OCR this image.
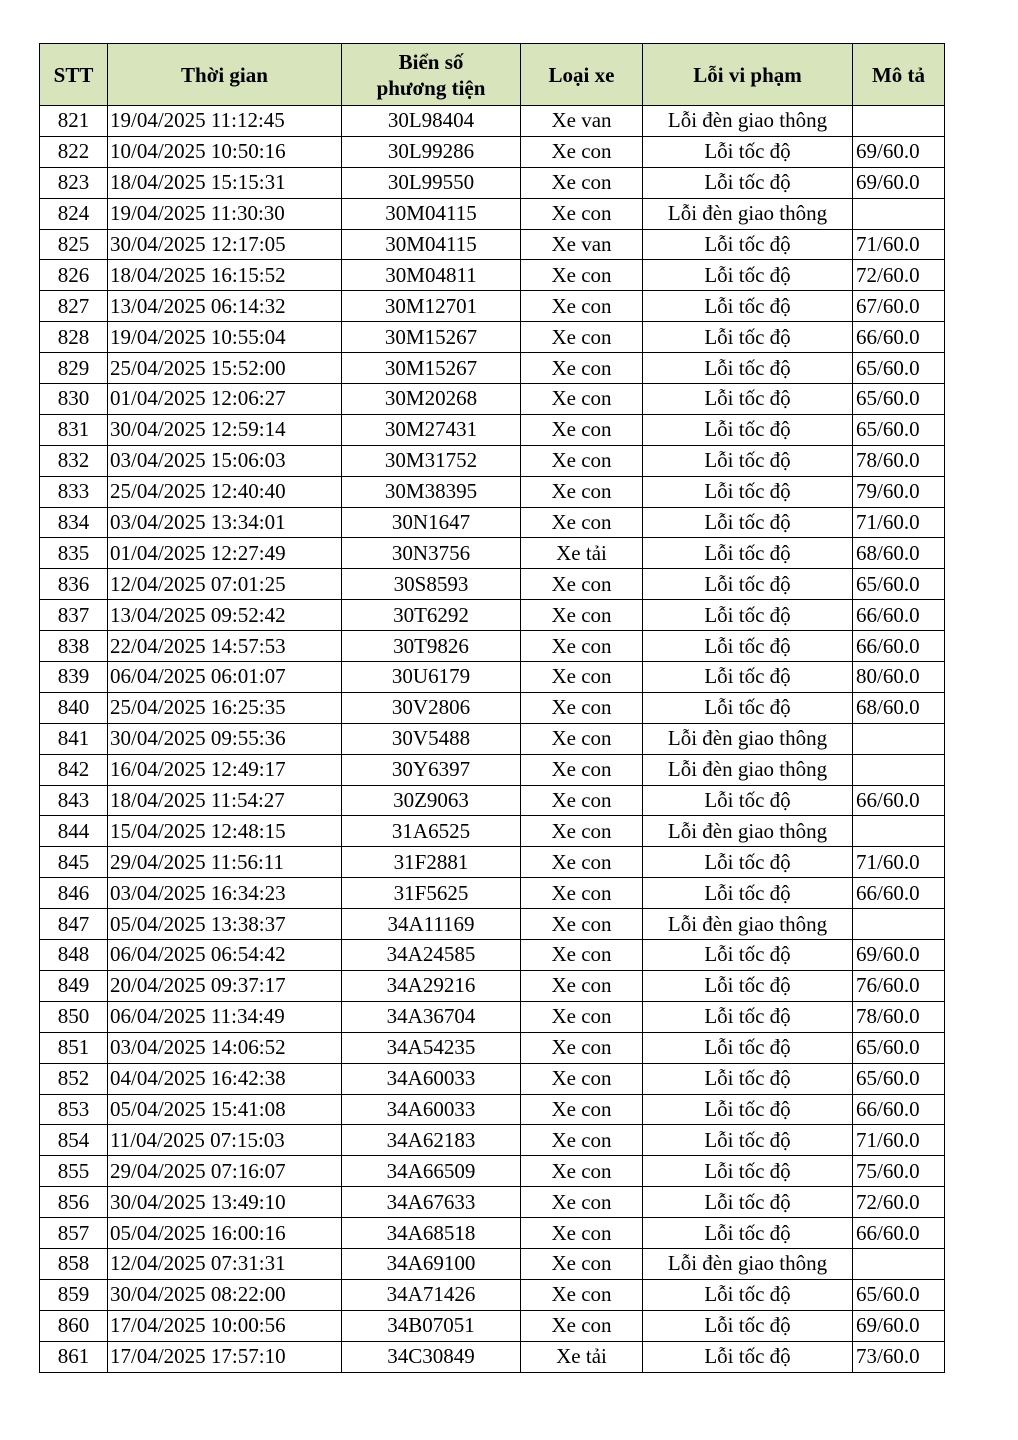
STT	Thời gian	Biển số
phương tiện	Loại xe	Lỗi vi phạm	Mô tả
821	19/04/2025 11:12:45	30L98404	Xe van	Lỗi đèn giao thông	
822	10/04/2025 10:50:16	30L99286	Xe con	Lỗi tốc độ	69/60.0
823	18/04/2025 15:15:31	30L99550	Xe con	Lỗi tốc độ	69/60.0
824	19/04/2025 11:30:30	30M04115	Xe con	Lỗi đèn giao thông	
825	30/04/2025 12:17:05	30M04115	Xe van	Lỗi tốc độ	71/60.0
826	18/04/2025 16:15:52	30M04811	Xe con	Lỗi tốc độ	72/60.0
827	13/04/2025 06:14:32	30M12701	Xe con	Lỗi tốc độ	67/60.0
828	19/04/2025 10:55:04	30M15267	Xe con	Lỗi tốc độ	66/60.0
829	25/04/2025 15:52:00	30M15267	Xe con	Lỗi tốc độ	65/60.0
830	01/04/2025 12:06:27	30M20268	Xe con	Lỗi tốc độ	65/60.0
831	30/04/2025 12:59:14	30M27431	Xe con	Lỗi tốc độ	65/60.0
832	03/04/2025 15:06:03	30M31752	Xe con	Lỗi tốc độ	78/60.0
833	25/04/2025 12:40:40	30M38395	Xe con	Lỗi tốc độ	79/60.0
834	03/04/2025 13:34:01	30N1647	Xe con	Lỗi tốc độ	71/60.0
835	01/04/2025 12:27:49	30N3756	Xe tải	Lỗi tốc độ	68/60.0
836	12/04/2025 07:01:25	30S8593	Xe con	Lỗi tốc độ	65/60.0
837	13/04/2025 09:52:42	30T6292	Xe con	Lỗi tốc độ	66/60.0
838	22/04/2025 14:57:53	30T9826	Xe con	Lỗi tốc độ	66/60.0
839	06/04/2025 06:01:07	30U6179	Xe con	Lỗi tốc độ	80/60.0
840	25/04/2025 16:25:35	30V2806	Xe con	Lỗi tốc độ	68/60.0
841	30/04/2025 09:55:36	30V5488	Xe con	Lỗi đèn giao thông	
842	16/04/2025 12:49:17	30Y6397	Xe con	Lỗi đèn giao thông	
843	18/04/2025 11:54:27	30Z9063	Xe con	Lỗi tốc độ	66/60.0
844	15/04/2025 12:48:15	31A6525	Xe con	Lỗi đèn giao thông	
845	29/04/2025 11:56:11	31F2881	Xe con	Lỗi tốc độ	71/60.0
846	03/04/2025 16:34:23	31F5625	Xe con	Lỗi tốc độ	66/60.0
847	05/04/2025 13:38:37	34A11169	Xe con	Lỗi đèn giao thông	
848	06/04/2025 06:54:42	34A24585	Xe con	Lỗi tốc độ	69/60.0
849	20/04/2025 09:37:17	34A29216	Xe con	Lỗi tốc độ	76/60.0
850	06/04/2025 11:34:49	34A36704	Xe con	Lỗi tốc độ	78/60.0
851	03/04/2025 14:06:52	34A54235	Xe con	Lỗi tốc độ	65/60.0
852	04/04/2025 16:42:38	34A60033	Xe con	Lỗi tốc độ	65/60.0
853	05/04/2025 15:41:08	34A60033	Xe con	Lỗi tốc độ	66/60.0
854	11/04/2025 07:15:03	34A62183	Xe con	Lỗi tốc độ	71/60.0
855	29/04/2025 07:16:07	34A66509	Xe con	Lỗi tốc độ	75/60.0
856	30/04/2025 13:49:10	34A67633	Xe con	Lỗi tốc độ	72/60.0
857	05/04/2025 16:00:16	34A68518	Xe con	Lỗi tốc độ	66/60.0
858	12/04/2025 07:31:31	34A69100	Xe con	Lỗi đèn giao thông	
859	30/04/2025 08:22:00	34A71426	Xe con	Lỗi tốc độ	65/60.0
860	17/04/2025 10:00:56	34B07051	Xe con	Lỗi tốc độ	69/60.0
861	17/04/2025 17:57:10	34C30849	Xe tải	Lỗi tốc độ	73/60.0
